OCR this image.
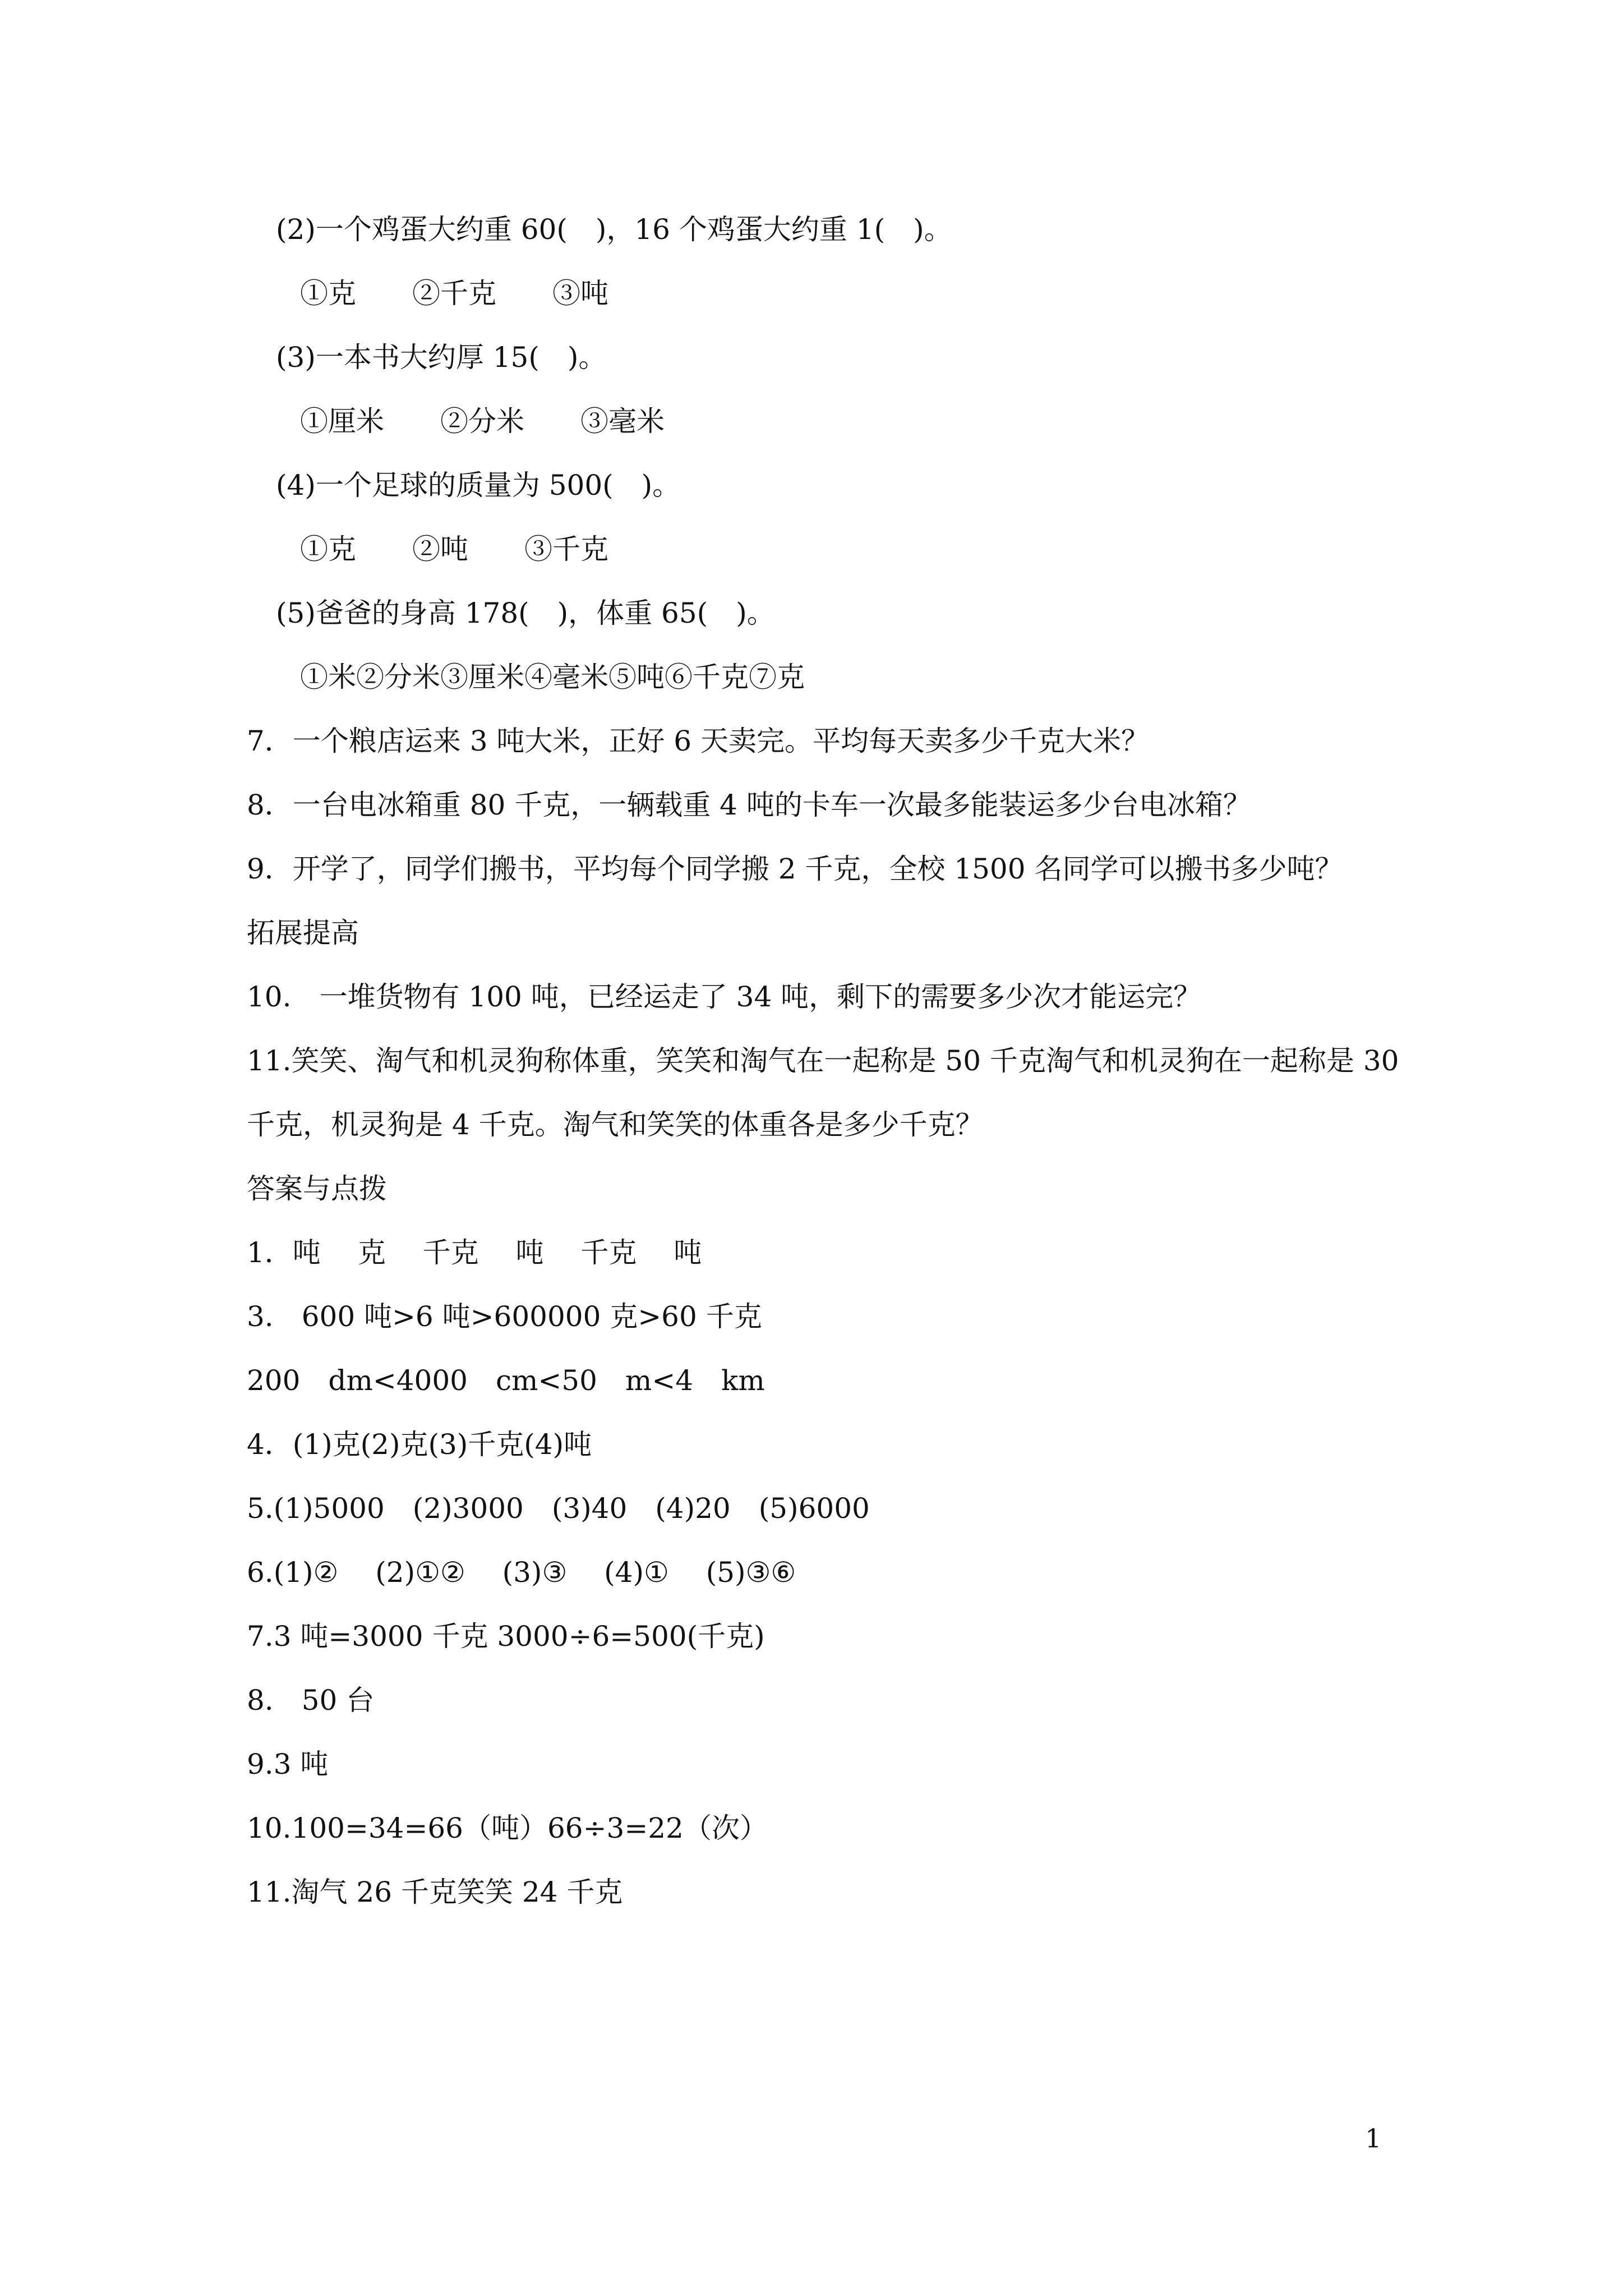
(2)一个鸡蛋大约重 60(　)，16 个鸡蛋大约重 1(　)。
①克　　②千克　　③吨
(3)一本书大约厚 15(　)。
①厘米　　②分米　　③毫米
(4)一个足球的质量为 500(　)。
①克　　②吨　　③千克
(5)爸爸的身高 178(　)，体重 65(　)。
①米②分米③厘米④毫米⑤吨⑥千克⑦克
7．一个粮店运来 3 吨大米，正好 6 天卖完。平均每天卖多少千克大米？
8．一台电冰箱重 80 千克，一辆载重 4 吨的卡车一次最多能装运多少台电冰箱？
9．开学了，同学们搬书，平均每个同学搬 2 千克，全校 1500 名同学可以搬书多少吨？
拓展提高
10.　一堆货物有 100 吨，已经运走了 34 吨，剩下的需要多少次才能运完？
11.笑笑、淘气和机灵狗称体重，笑笑和淘气在一起称是 50 千克淘气和机灵狗在一起称是 30
千克，机灵狗是 4 千克。淘气和笑笑的体重各是多少千克？
答案与点拨
1．吨　 克　 千克　 吨　 千克　 吨
3.　600 吨>6 吨>600000 克>60 千克
200　dm<4000　cm<50　m<4　km
4．(1)克(2)克(3)千克(4)吨
5.(1)5000　(2)3000　(3)40　(4)20　(5)6000
6.(1)②　 (2)①②　 (3)③　 (4)①　 (5)③⑥
7.3 吨=3000 千克 3000÷6=500(千克)
8.　50 台
9.3 吨
10.100=34=66（吨）66÷3=22（次）
11.淘气 26 千克笑笑 24 千克
1
